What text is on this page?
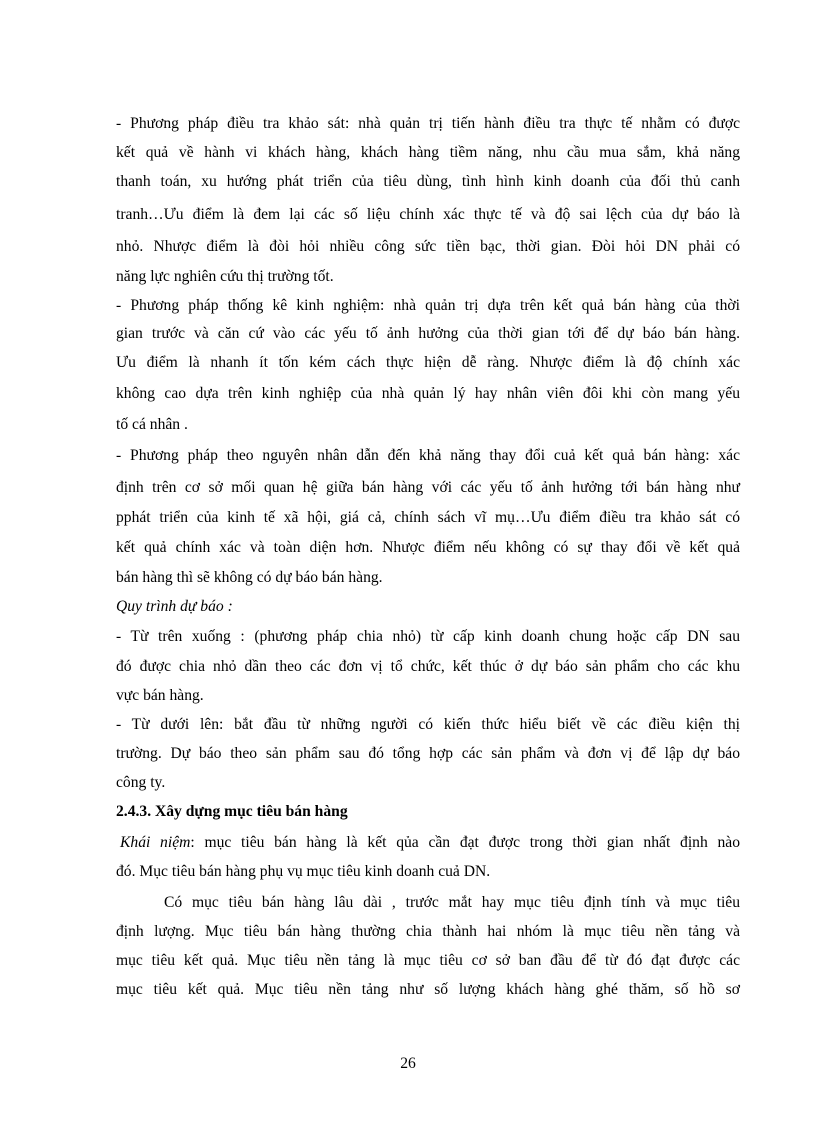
- Phương pháp điều tra khảo sát: nhà quản trị tiến hành điều tra thực tế nhằm có được
kết quả về hành vi khách hàng, khách hàng tiềm năng, nhu cầu mua sắm, khả năng
thanh toán, xu hướng phát triển của tiêu dùng, tình hình kinh doanh của đối thủ canh
tranh…Ưu điểm là đem lại các số liệu chính xác thực tế và độ sai lệch của dự báo là
nhỏ. Nhược điểm là đòi hỏi nhiều công sức tiền bạc, thời gian. Đòi hỏi DN phải có
năng lực nghiên cứu thị trường tốt.
- Phương pháp thống kê kinh nghiệm: nhà quản trị dựa trên kết quả bán hàng của thời
gian trước và căn cứ vào các yếu tố ảnh hưởng của thời gian tới để dự báo bán hàng.
Ưu điểm là nhanh ít tốn kém cách thực hiện dễ ràng. Nhược điểm là độ chính xác
không cao dựa trên kinh nghiệp của nhà quản lý hay nhân viên đôi khi còn mang yếu
tố cá nhân .
- Phương pháp theo nguyên nhân dẫn đến khả năng thay đổi cuả kết quả bán hàng: xác
định trên cơ sở mối quan hệ giữa bán hàng với các yếu tố ảnh hưởng tới bán hàng như
pphát triển của kinh tế xã hội, giá cả, chính sách vĩ mụ…Ưu điểm điều tra khảo sát có
kết quả chính xác và toàn diện hơn. Nhược điểm nếu không có sự thay đổi về kết quả
bán hàng thì sẽ không có dự báo bán hàng.
Quy trình dự báo :
- Từ trên xuống : (phương pháp chia nhỏ) từ cấp kinh doanh chung hoặc cấp DN sau
đó được chia nhỏ dần theo các đơn vị tổ chức, kết thúc ở dự báo sản phẩm cho các khu
vực bán hàng.
- Từ dưới lên: bắt đầu từ những người có kiến thức hiểu biết về các điều kiện thị
trường. Dự báo theo sản phẩm sau đó tổng hợp các sản phẩm và đơn vị để lập dự báo
công ty.
2.4.3. Xây dựng mục tiêu bán hàng
Khái niệm: mục tiêu bán hàng là kết qủa cần đạt được trong thời gian nhất định nào
đó. Mục tiêu bán hàng phụ vụ mục tiêu kinh doanh cuả DN.
Có mục tiêu bán hàng lâu dài , trước mắt hay mục tiêu định tính và mục tiêu
định lượng. Mục tiêu bán hàng thường chia thành hai nhóm là mục tiêu nền tảng và
mục tiêu kết quả. Mục tiêu nền tảng là mục tiêu cơ sở ban đầu để từ đó đạt được các
mục tiêu kết quả. Mục tiêu nền tảng như số lượng khách hàng ghé thăm, số hồ sơ
26
